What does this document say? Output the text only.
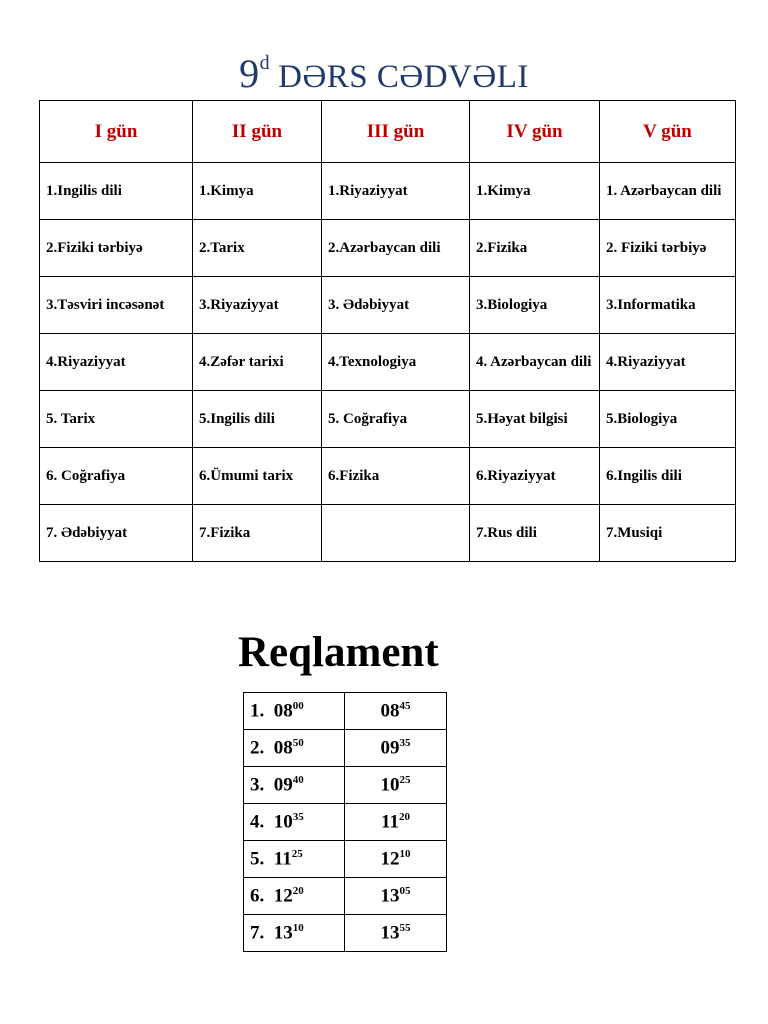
9$^d$ DƏRS CƏDVƏLI
I gün	II gün	III gün	IV gün	V gün
1.Ingilis dili	1.Kimya	1.Riyaziyyat	1.Kimya	1. Azərbaycan dili
2.Fiziki tərbiyə	2.Tarix	2.Azərbaycan dili	2.Fizika	2. Fiziki tərbiyə
3.Təsviri incəsənət	3.Riyaziyyat	3. Ədəbiyyat	3.Biologiya	3.Informatika
4.Riyaziyyat	4.Zəfər tarixi	4.Texnologiya	4. Azərbaycan dili	4.Riyaziyyat
5. Tarix	5.Ingilis dili	5. Coğrafiya	5.Həyat bilgisi	5.Biologiya
6. Coğrafiya	6.Ümumi tarix	6.Fizika	6.Riyaziyyat	6.Ingilis dili
7. Ədəbiyyat	7.Fizika		7.Rus dili	7.Musiqi
Reqlament
1. $08^{00}$	$08^{45}$
2. $08^{50}$	$09^{35}$
3. $09^{40}$	$10^{25}$
4. $10^{35}$	$11^{20}$
5. $11^{25}$	$12^{10}$
6. $12^{20}$	$13^{05}$
7. $13^{10}$	$13^{55}$
